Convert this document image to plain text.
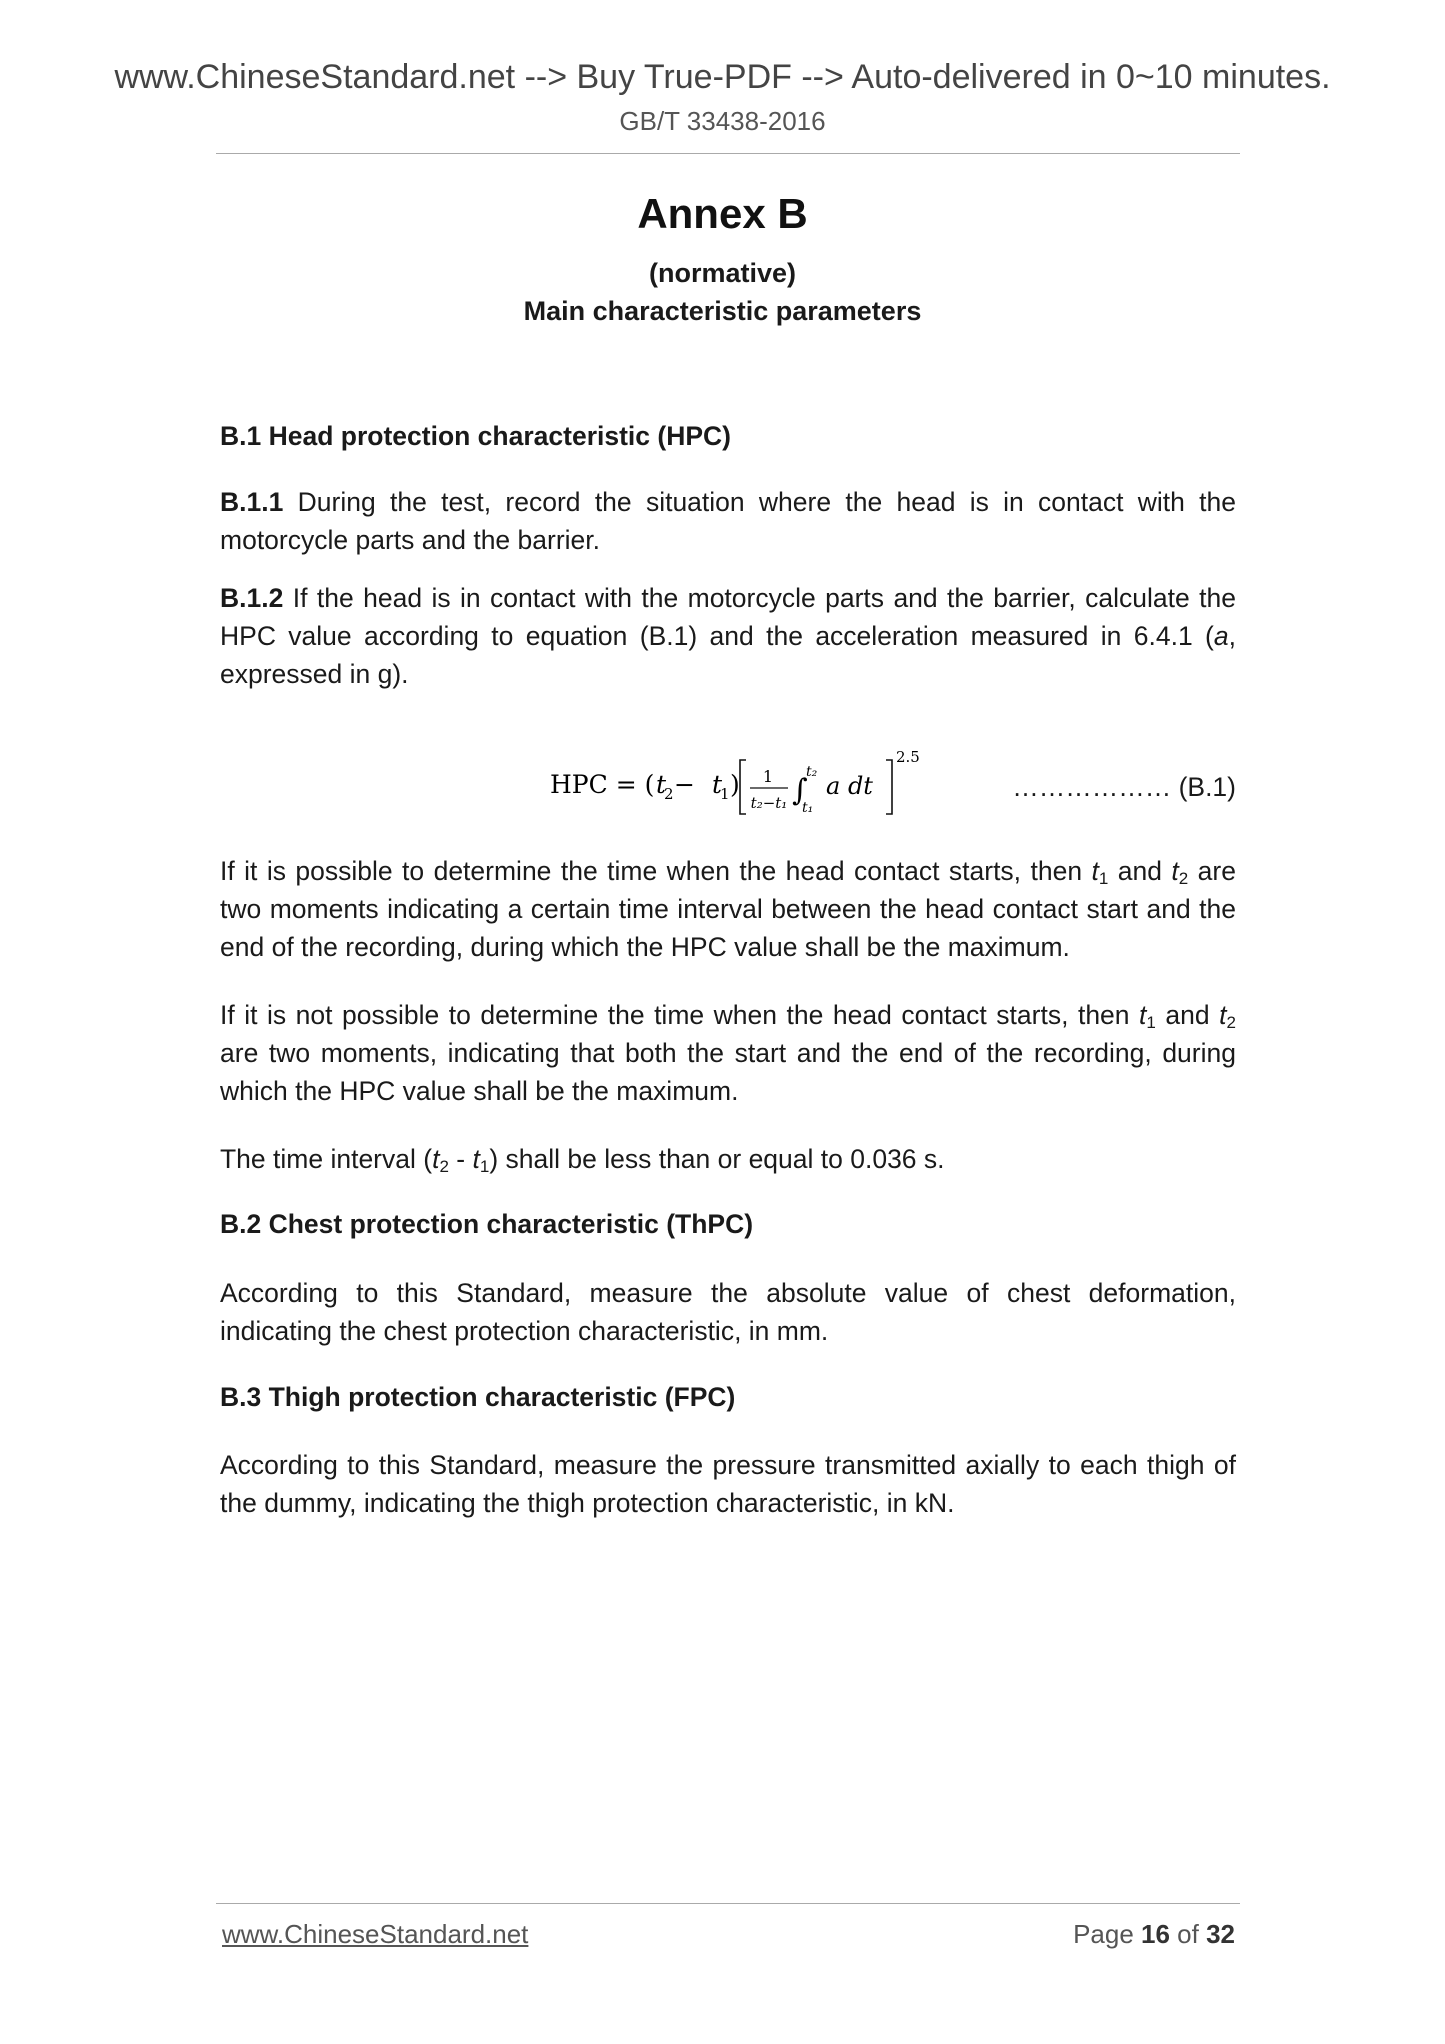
www.ChineseStandard.net --> Buy True-PDF --> Auto-delivered in 0~10 minutes.
GB/T 33438-2016
Annex B
(normative)
Main characteristic parameters
B.1 Head protection characteristic (HPC)
B.1.1 During the test, record the situation where the head is in contact with the motorcycle parts and the barrier.
B.1.2 If the head is in contact with the motorcycle parts and the barrier, calculate the HPC value according to equation (B.1) and the acceleration measured in 6.4.1 (a, expressed in g).
HPC = ( t
2 − t
1 ) 1
t₂−t₁ ∫
t₂
t₁
a dt
2.5
……………… (B.1)
If it is possible to determine the time when the head contact starts, then $t_1$ and $t_2$ are two moments indicating a certain time interval between the head contact start and the end of the recording, during which the HPC value shall be the maximum.
If it is not possible to determine the time when the head contact starts, then $t_1$ and $t_2$ are two moments, indicating that both the start and the end of the recording, during which the HPC value shall be the maximum.
The time interval $(t_2 - t_1)$ shall be less than or equal to 0.036 s.
B.2 Chest protection characteristic (ThPC)
According to this Standard, measure the absolute value of chest deformation, indicating the chest protection characteristic, in mm.
B.3 Thigh protection characteristic (FPC)
According to this Standard, measure the pressure transmitted axially to each thigh of the dummy, indicating the thigh protection characteristic, in kN.
www.ChineseStandard.net	Page 16 of 32
